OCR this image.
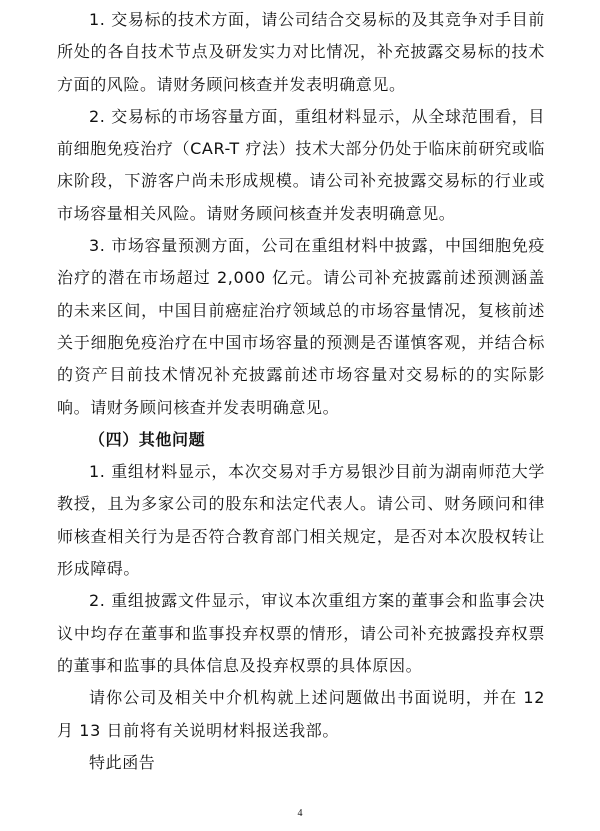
1. 交易标的技术方面，请公司结合交易标的及其竞争对手目前所处的各自技术节点及研发实力对比情况，补充披露交易标的技术方面的风险。请财务顾问核查并发表明确意见。

2. 交易标的市场容量方面，重组材料显示，从全球范围看，目前细胞免疫治疗（CAR-T 疗法）技术大部分仍处于临床前研究或临床阶段，下游客户尚未形成规模。请公司补充披露交易标的行业或市场容量相关风险。请财务顾问核查并发表明确意见。

3. 市场容量预测方面，公司在重组材料中披露，中国细胞免疫治疗的潜在市场超过 2,000 亿元。请公司补充披露前述预测涵盖的未来区间，中国目前癌症治疗领域总的市场容量情况，复核前述关于细胞免疫治疗在中国市场容量的预测是否谨慎客观，并结合标的资产目前技术情况补充披露前述市场容量对交易标的的实际影响。请财务顾问核查并发表明确意见。

（四）其他问题

1. 重组材料显示，本次交易对手方易银沙目前为湖南师范大学教授，且为多家公司的股东和法定代表人。请公司、财务顾问和律师核查相关行为是否符合教育部门相关规定，是否对本次股权转让形成障碍。

2. 重组披露文件显示，审议本次重组方案的董事会和监事会决议中均存在董事和监事投弃权票的情形，请公司补充披露投弃权票的董事和监事的具体信息及投弃权票的具体原因。

请你公司及相关中介机构就上述问题做出书面说明，并在 12 月 13 日前将有关说明材料报送我部。

特此函告

4
